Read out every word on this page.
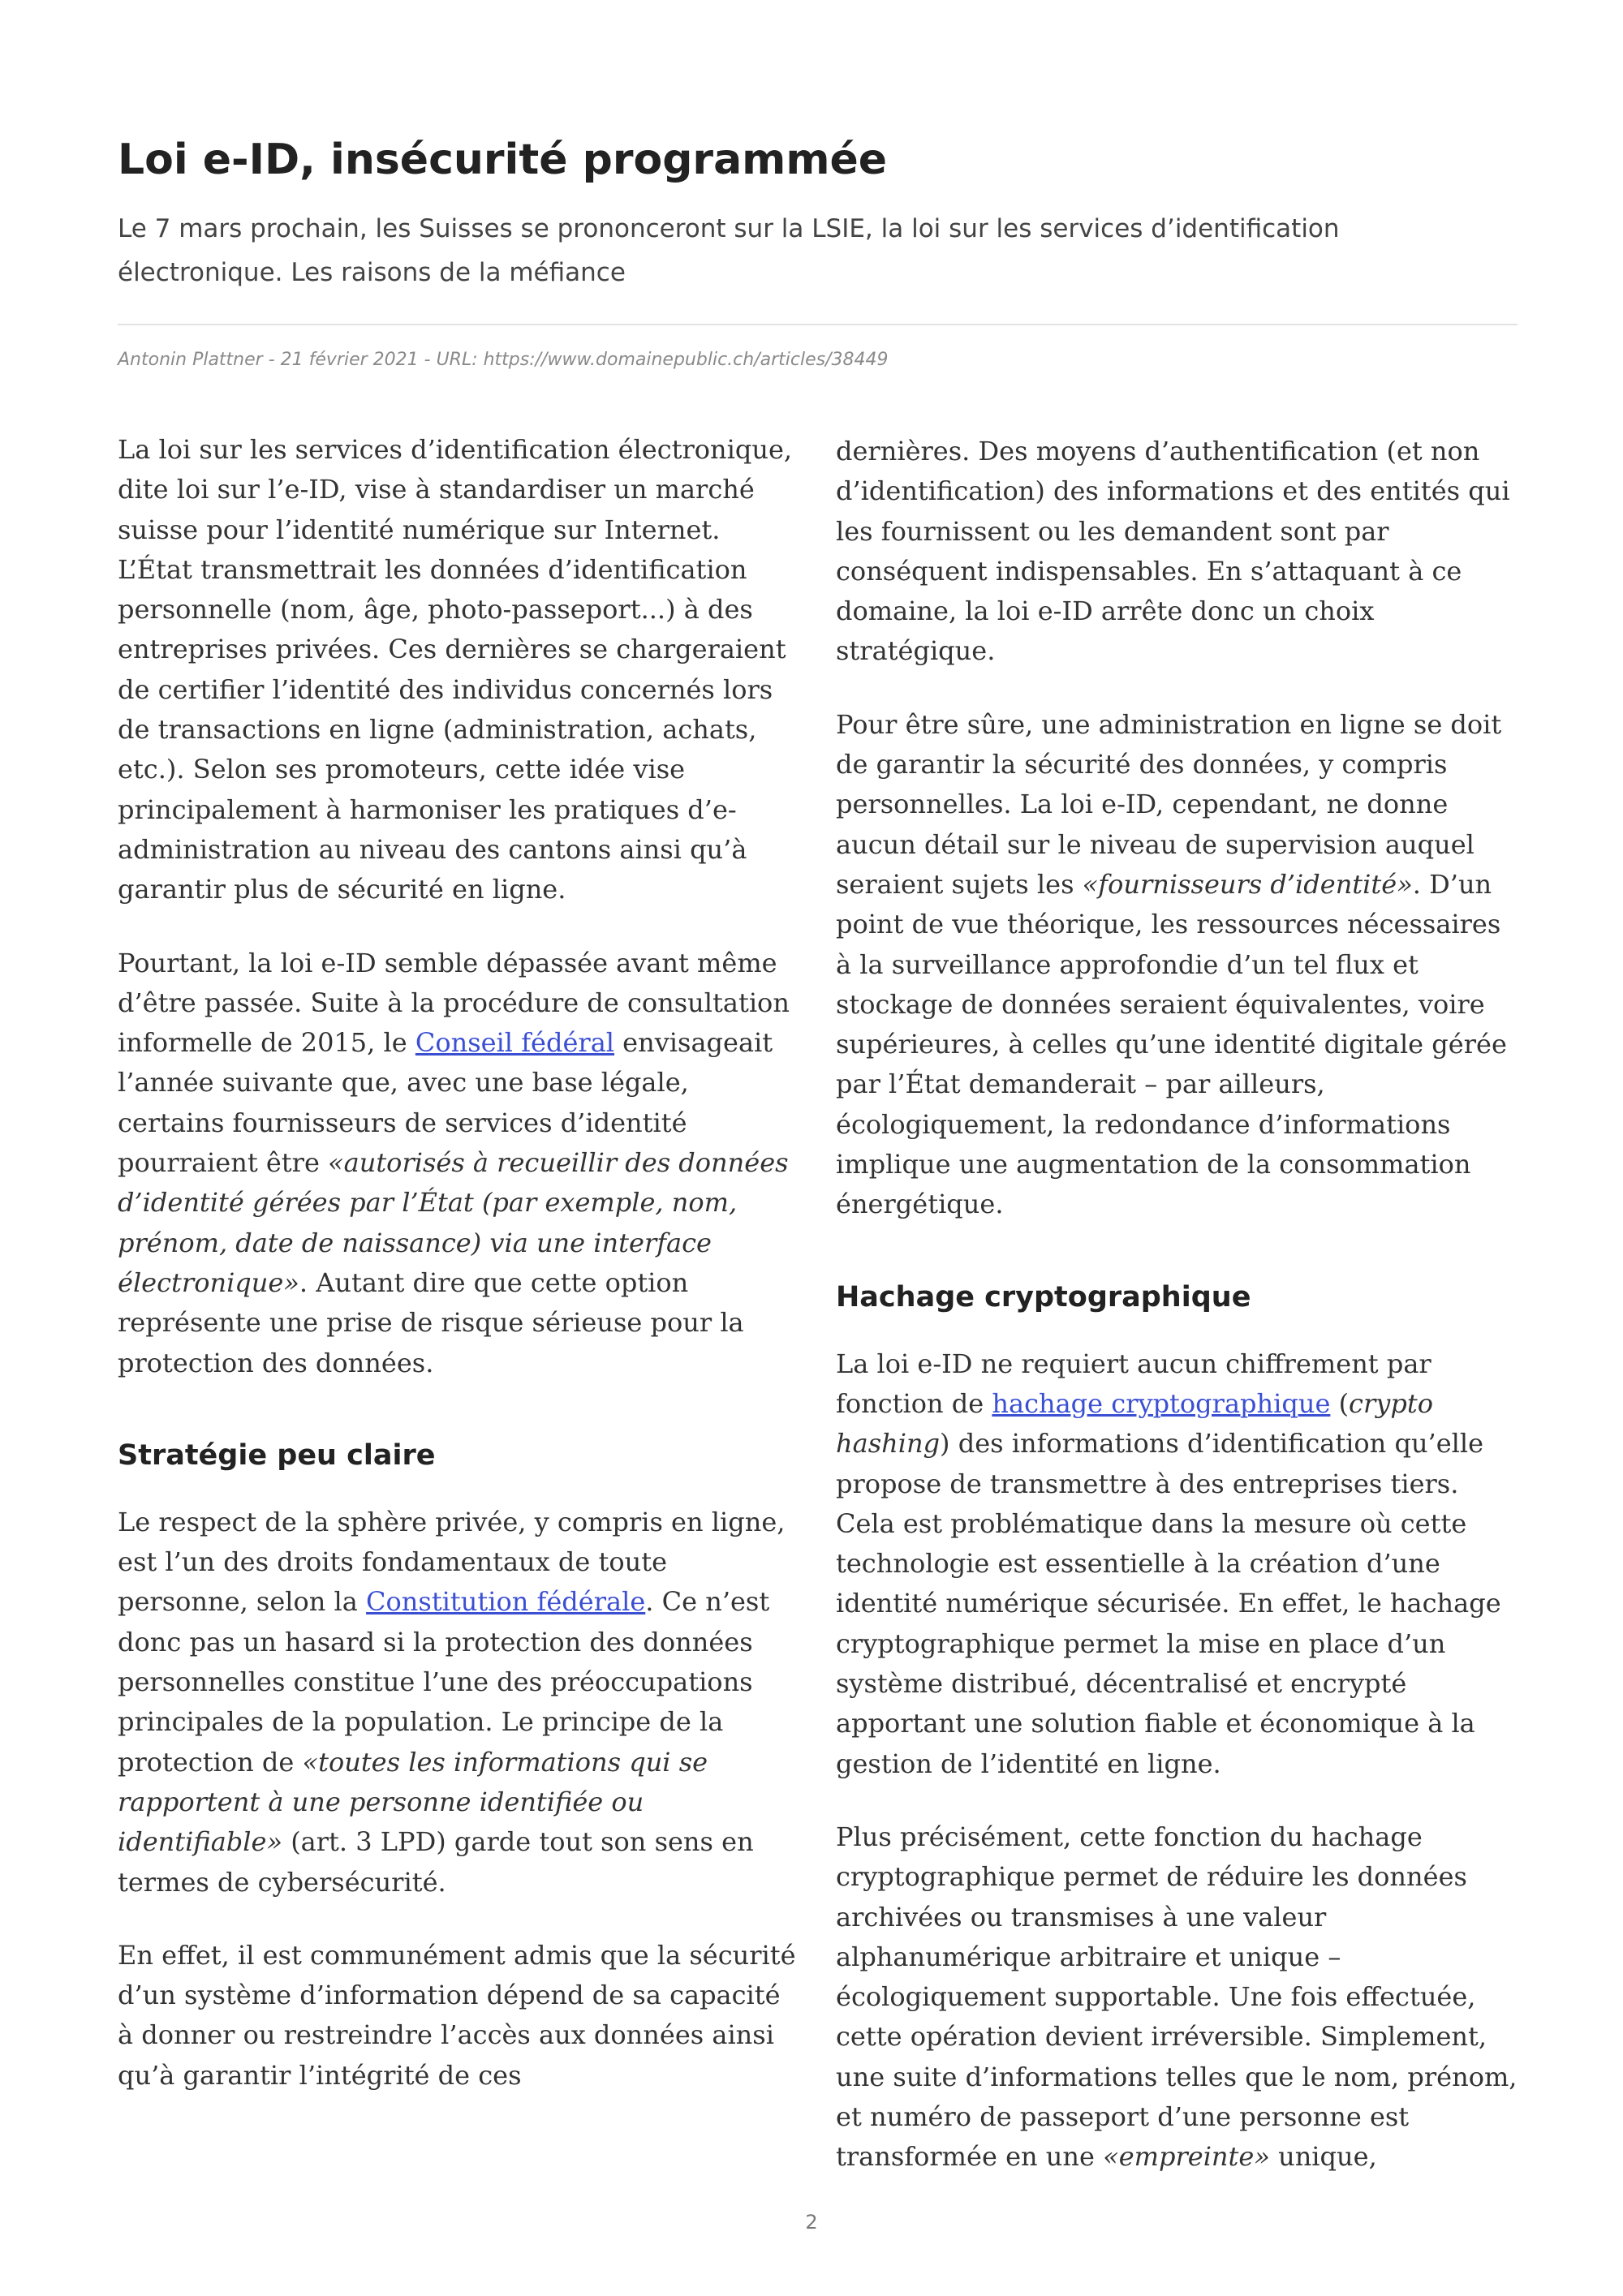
Loi e-ID, insécurité programmée

Le 7 mars prochain, les Suisses se prononceront sur la LSIE, la loi sur les services d’identification électronique. Les raisons de la méfiance

Antonin Plattner - 21 février 2021 - URL: https://www.domainepublic.ch/articles/38449

La loi sur les services d’identification électronique, dite loi sur l’e-ID, vise à standardiser un marché suisse pour l’identité numérique sur Internet. L’État transmettrait les données d’identification personnelle (nom, âge, photo-passeport...) à des entreprises privées. Ces dernières se chargeraient de certifier l’identité des individus concernés lors de transactions en ligne (administration, achats, etc.). Selon ses promoteurs, cette idée vise principalement à harmoniser les pratiques d’e-administration au niveau des cantons ainsi qu’à garantir plus de sécurité en ligne.

Pourtant, la loi e-ID semble dépassée avant même d’être passée. Suite à la procédure de consultation informelle de 2015, le Conseil fédéral envisageait l’année suivante que, avec une base légale, certains fournisseurs de services d’identité pourraient être «autorisés à recueillir des données d’identité gérées par l’État (par exemple, nom, prénom, date de naissance) via une interface électronique». Autant dire que cette option représente une prise de risque sérieuse pour la protection des données.

Stratégie peu claire

Le respect de la sphère privée, y compris en ligne, est l’un des droits fondamentaux de toute personne, selon la Constitution fédérale. Ce n’est donc pas un hasard si la protection des données personnelles constitue l’une des préoccupations principales de la population. Le principe de la protection de «toutes les informations qui se rapportent à une personne identifiée ou identifiable» (art. 3 LPD) garde tout son sens en termes de cybersécurité.

En effet, il est communément admis que la sécurité d’un système d’information dépend de sa capacité à donner ou restreindre l’accès aux données ainsi qu’à garantir l’intégrité de ces

dernières. Des moyens d’authentification (et non d’identification) des informations et des entités qui les fournissent ou les demandent sont par conséquent indispensables. En s’attaquant à ce domaine, la loi e-ID arrête donc un choix stratégique.

Pour être sûre, une administration en ligne se doit de garantir la sécurité des données, y compris personnelles. La loi e-ID, cependant, ne donne aucun détail sur le niveau de supervision auquel seraient sujets les «fournisseurs d’identité». D’un point de vue théorique, les ressources nécessaires à la surveillance approfondie d’un tel flux et stockage de données seraient équivalentes, voire supérieures, à celles qu’une identité digitale gérée par l’État demanderait – par ailleurs, écologiquement, la redondance d’informations implique une augmentation de la consommation énergétique.

Hachage cryptographique

La loi e-ID ne requiert aucun chiffrement par fonction de hachage cryptographique (crypto hashing) des informations d’identification qu’elle propose de transmettre à des entreprises tiers. Cela est problématique dans la mesure où cette technologie est essentielle à la création d’une identité numérique sécurisée. En effet, le hachage cryptographique permet la mise en place d’un système distribué, décentralisé et encrypté apportant une solution fiable et économique à la gestion de l’identité en ligne.

Plus précisément, cette fonction du hachage cryptographique permet de réduire les données archivées ou transmises à une valeur alphanumérique arbitraire et unique – écologiquement supportable. Une fois effectuée, cette opération devient irréversible. Simplement, une suite d’informations telles que le nom, prénom, et numéro de passeport d’une personne est transformée en une «empreinte» unique,

2
